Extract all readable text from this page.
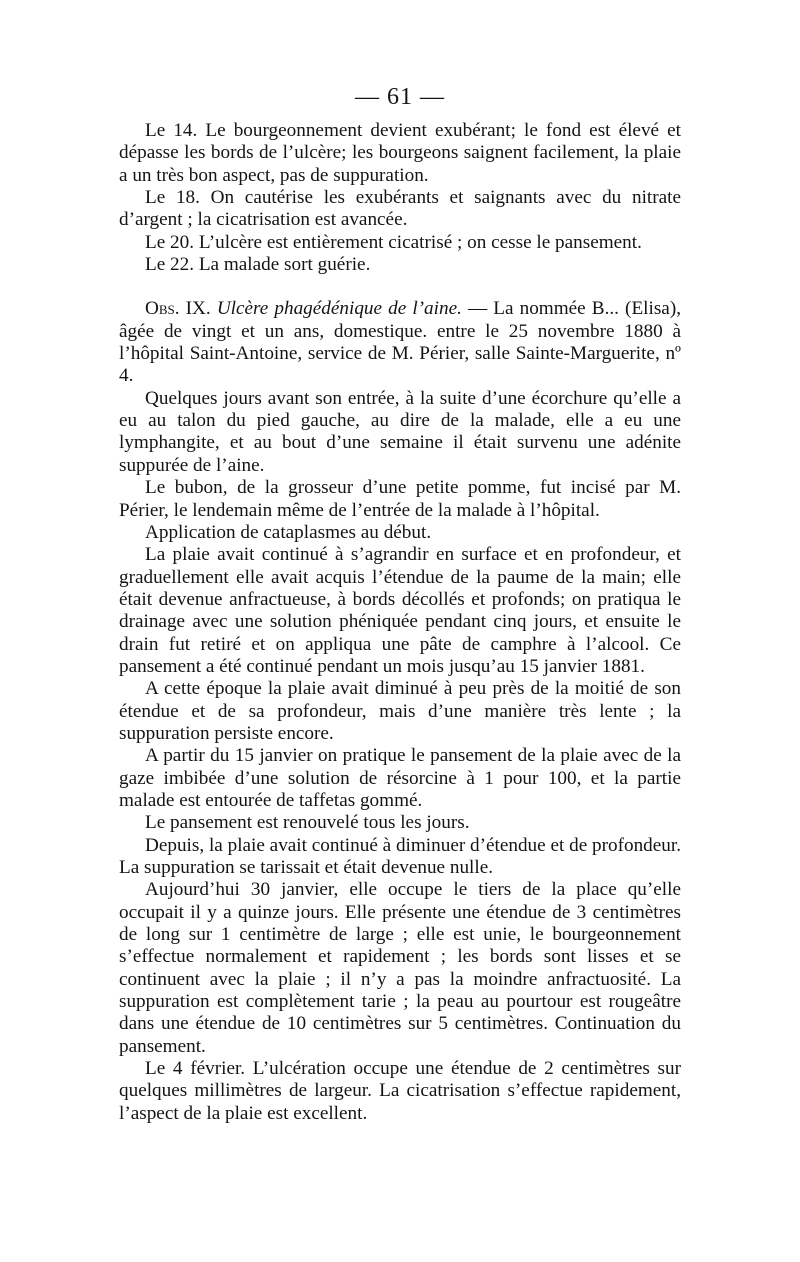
— 61 —

Le 14. Le bourgeonnement devient exubérant; le fond est élevé et dépasse les bords de l’ulcère; les bourgeons saignent facilement, la plaie a un très bon aspect, pas de suppuration.

Le 18. On cautérise les exubérants et saignants avec du nitrate d’argent ; la cicatrisation est avancée.

Le 20. L’ulcère est entièrement cicatrisé ; on cesse le pansement.

Le 22. La malade sort guérie.

Obs. IX. Ulcère phagédénique de l’aine. — La nommée B... (Elisa), âgée de vingt et un ans, domestique. entre le 25 novembre 1880 à l’hôpital Saint-Antoine, service de M. Périer, salle Sainte-Marguerite, nº 4.

Quelques jours avant son entrée, à la suite d’une écorchure qu’elle a eu au talon du pied gauche, au dire de la malade, elle a eu une lymphangite, et au bout d’une semaine il était survenu une adénite suppurée de l’aine.

Le bubon, de la grosseur d’une petite pomme, fut incisé par M. Périer, le lendemain même de l’entrée de la malade à l’hôpital.

Application de cataplasmes au début.

La plaie avait continué à s’agrandir en surface et en profondeur, et graduellement elle avait acquis l’étendue de la paume de la main; elle était devenue anfractueuse, à bords décollés et profonds; on pratiqua le drainage avec une solution phéniquée pendant cinq jours, et ensuite le drain fut retiré et on appliqua une pâte de camphre à l’alcool. Ce pansement a été continué pendant un mois jusqu’au 15 janvier 1881.

A cette époque la plaie avait diminué à peu près de la moitié de son étendue et de sa profondeur, mais d’une manière très lente ; la suppuration persiste encore.

A partir du 15 janvier on pratique le pansement de la plaie avec de la gaze imbibée d’une solution de résorcine à 1 pour 100, et la partie malade est entourée de taffetas gommé.

Le pansement est renouvelé tous les jours.

Depuis, la plaie avait continué à diminuer d’étendue et de profondeur. La suppuration se tarissait et était devenue nulle.

Aujourd’hui 30 janvier, elle occupe le tiers de la place qu’elle occupait il y a quinze jours. Elle présente une étendue de 3 centimètres de long sur 1 centimètre de large ; elle est unie, le bourgeonnement s’effectue normalement et rapidement ; les bords sont lisses et se continuent avec la plaie ; il n’y a pas la moindre anfractuosité. La suppuration est complètement tarie ; la peau au pourtour est rougeâtre dans une étendue de 10 centimètres sur 5 centimètres. Continuation du pansement.

Le 4 février. L’ulcération occupe une étendue de 2 centimètres sur quelques millimètres de largeur. La cicatrisation s’effectue rapidement, l’aspect de la plaie est excellent.
